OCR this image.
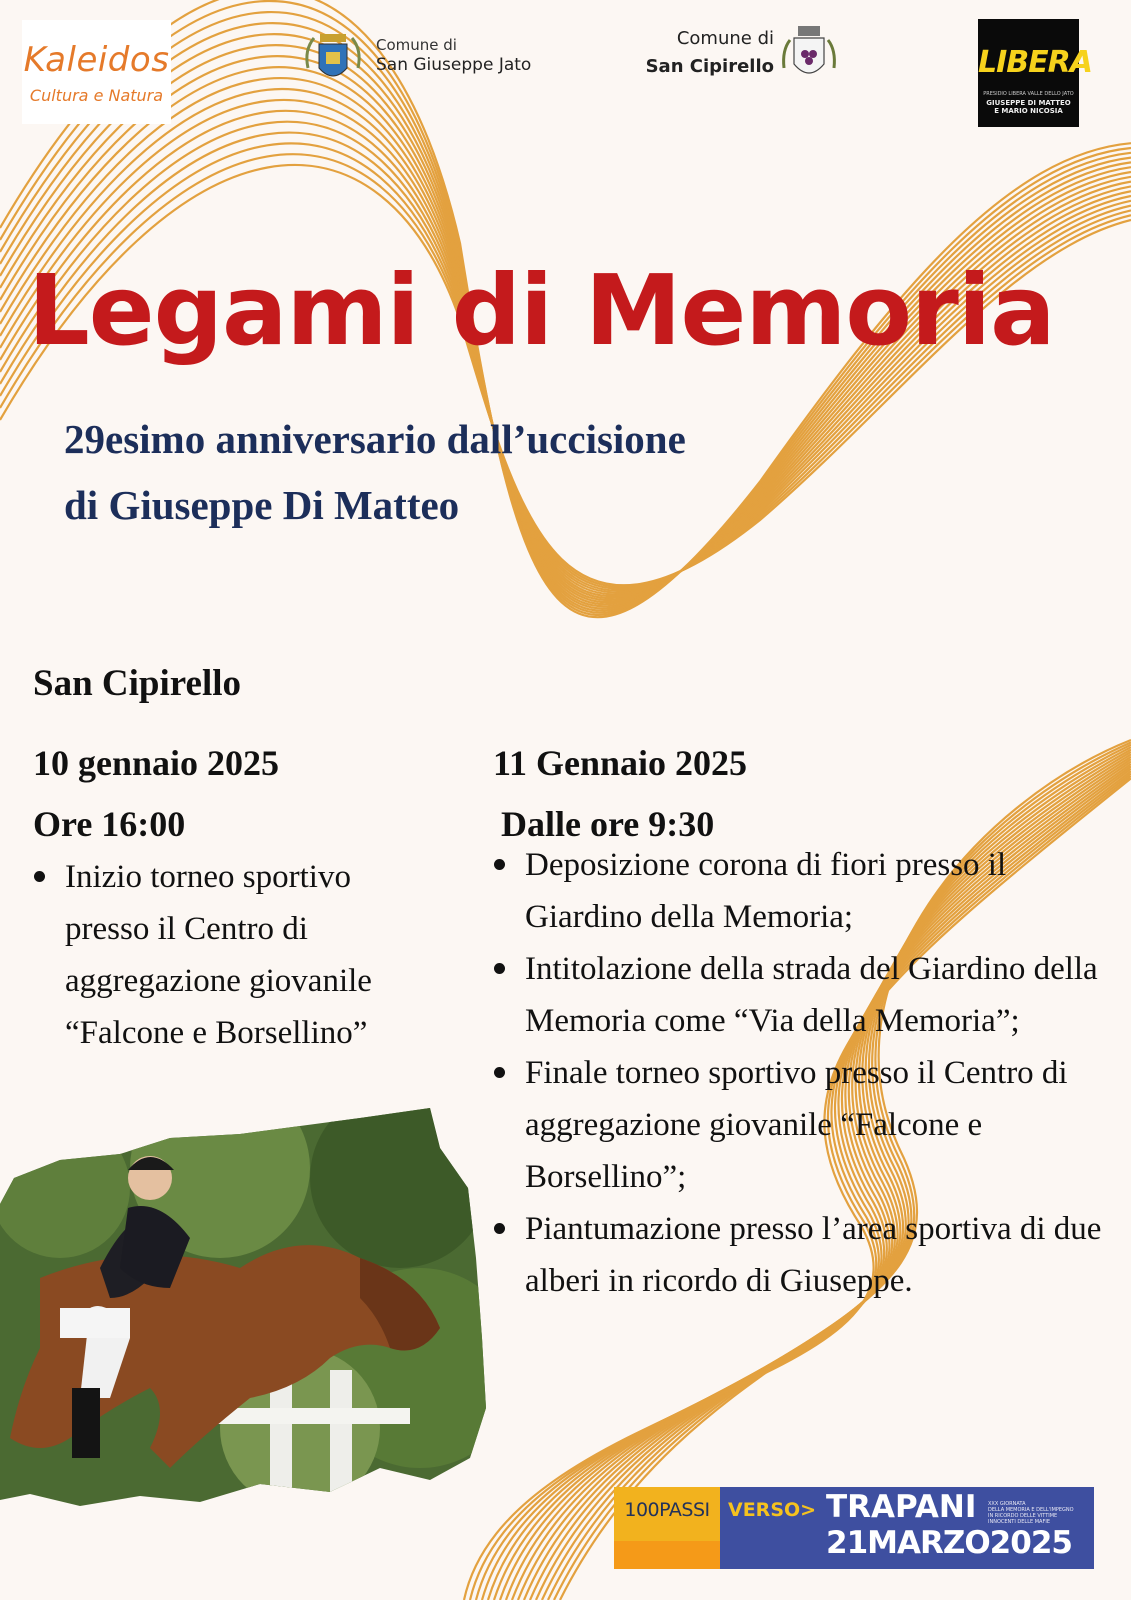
Kaleidos
Cultura e Natura
Comune di
San Giuseppe Jato
Comune di
San Cipirello	LIBERA
PRESIDIO LIBERA VALLE DELLO JATO
GIUSEPPE DI MATTEO
E MARIO NICOSIA
Legami di Memoria
29esimo anniversario dall’uccisione
di Giuseppe Di Matteo
San Cipirello
10 gennaio 2025
Ore 16:00
Inizio torneo sportivo presso il Centro di aggregazione giovanile “Falcone e Borsellino”
11 Gennaio 2025
Dalle ore 9:30
Deposizione corona di fiori presso il Giardino della Memoria;
Intitolazione della strada del Giardino della Memoria come “Via della Memoria”;
Finale torneo sportivo presso il Centro di aggregazione giovanile “Falcone e Borsellino”;
Piantumazione presso l’area sportiva di due alberi in ricordo di Giuseppe.
100PASSI VERSO> TRAPANI
21MARZO2025
XXX GIORNATA
DELLA MEMORIA E DELL'IMPEGNO
IN RICORDO DELLE VITTIME
INNOCENTI DELLE MAFIE
